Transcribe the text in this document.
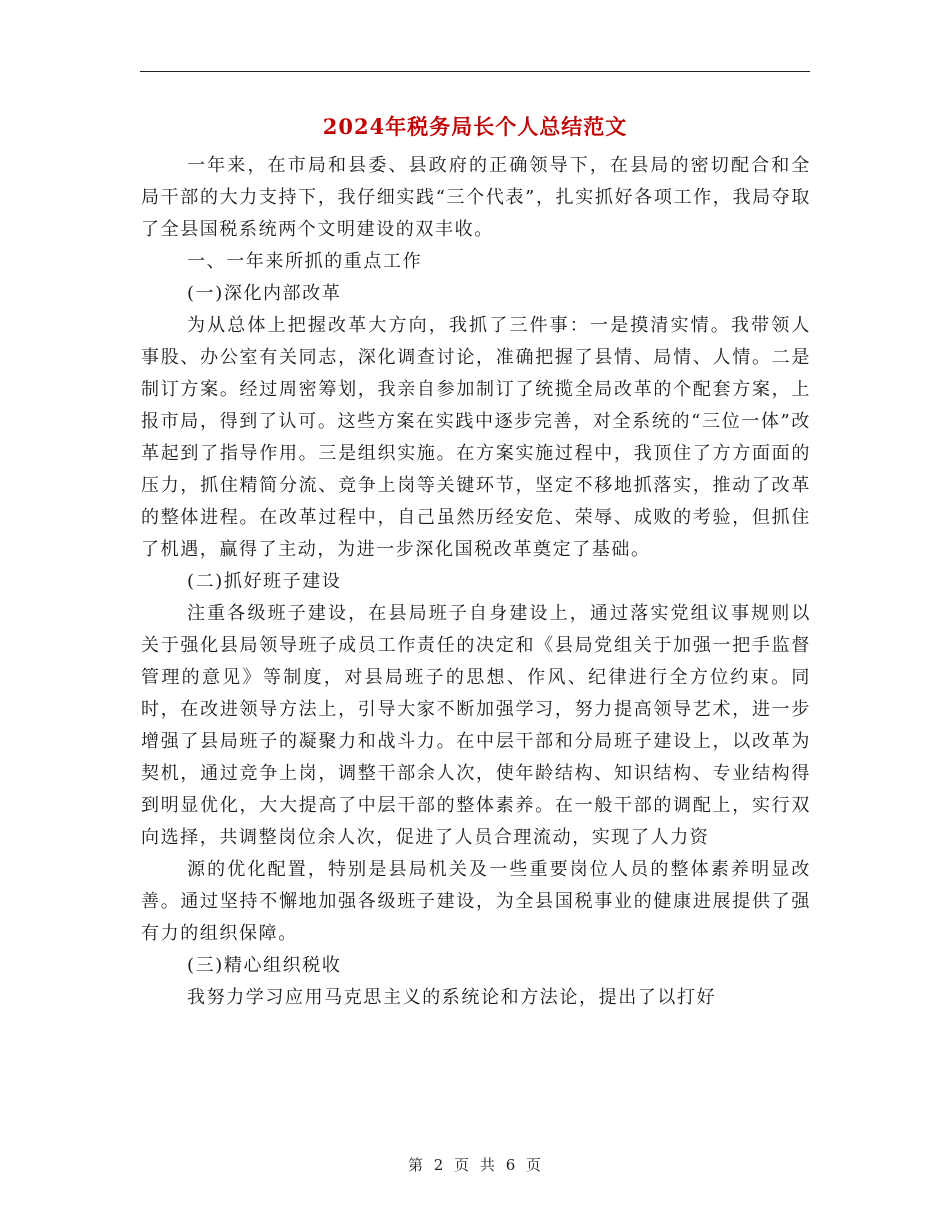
2024年税务局长个人总结范文

一年来，在市局和县委、县政府的正确领导下，在县局的密切配合和全局干部的大力支持下，我仔细实践“三个代表”，扎实抓好各项工作，我局夺取了全县国税系统两个文明建设的双丰收。

一、一年来所抓的重点工作

(一)深化内部改革

为从总体上把握改革大方向，我抓了三件事：一是摸清实情。我带领人事股、办公室有关同志，深化调查讨论，准确把握了县情、局情、人情。二是制订方案。经过周密筹划，我亲自参加制订了统揽全局改革的个配套方案，上报市局，得到了认可。这些方案在实践中逐步完善，对全系统的“三位一体”改革起到了指导作用。三是组织实施。在方案实施过程中，我顶住了方方面面的压力，抓住精简分流、竞争上岗等关键环节，坚定不移地抓落实，推动了改革的整体进程。在改革过程中，自己虽然历经安危、荣辱、成败的考验，但抓住了机遇，赢得了主动，为进一步深化国税改革奠定了基础。

(二)抓好班子建设

注重各级班子建设，在县局班子自身建设上，通过落实党组议事规则以关于强化县局领导班子成员工作责任的决定和《县局党组关于加强一把手监督管理的意见》等制度，对县局班子的思想、作风、纪律进行全方位约束。同时，在改进领导方法上，引导大家不断加强学习，努力提高领导艺术，进一步增强了县局班子的凝聚力和战斗力。在中层干部和分局班子建设上，以改革为契机，通过竞争上岗，调整干部余人次，使年龄结构、知识结构、专业结构得到明显优化，大大提高了中层干部的整体素养。在一般干部的调配上，实行双向选择，共调整岗位余人次，促进了人员合理流动，实现了人力资

源的优化配置，特别是县局机关及一些重要岗位人员的整体素养明显改善。通过坚持不懈地加强各级班子建设，为全县国税事业的健康进展提供了强有力的组织保障。

(三)精心组织税收

我努力学习应用马克思主义的系统论和方法论，提出了以打好

第 2 页 共 6 页
